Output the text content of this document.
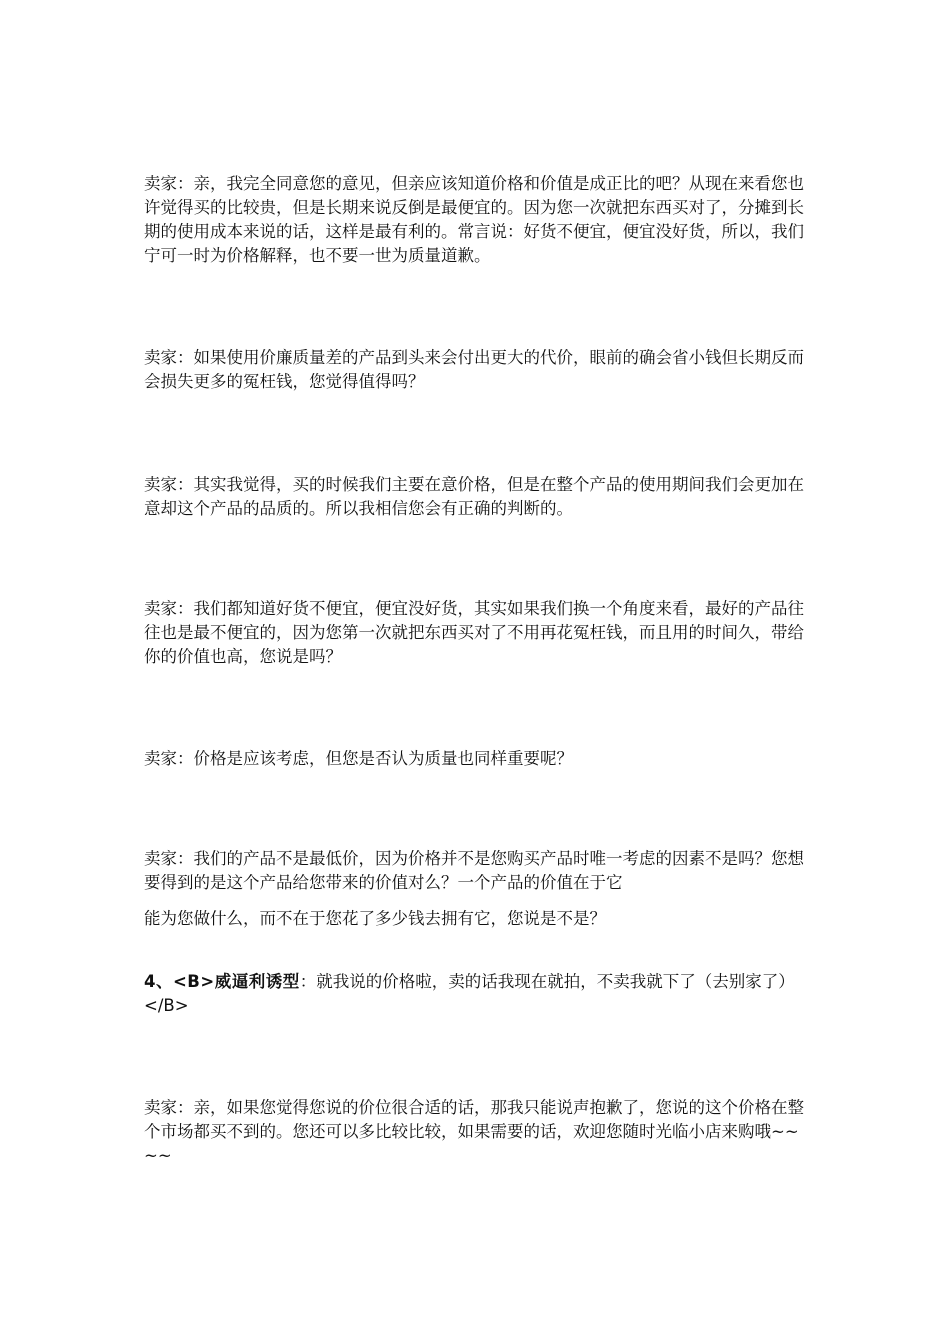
卖家：亲，我完全同意您的意见，但亲应该知道价格和价值是成正比的吧？从现在来看您也许觉得买的比较贵，但是长期来说反倒是最便宜的。因为您一次就把东西买对了，分摊到长期的使用成本来说的话，这样是最有利的。常言说：好货不便宜，便宜没好货，所以，我们宁可一时为价格解释，也不要一世为质量道歉。

卖家：如果使用价廉质量差的产品到头来会付出更大的代价，眼前的确会省小钱但长期反而会损失更多的冤枉钱，您觉得值得吗？

卖家：其实我觉得，买的时候我们主要在意价格，但是在整个产品的使用期间我们会更加在意却这个产品的品质的。所以我相信您会有正确的判断的。

卖家：我们都知道好货不便宜，便宜没好货，其实如果我们换一个角度来看，最好的产品往往也是最不便宜的，因为您第一次就把东西买对了不用再花冤枉钱，而且用的时间久，带给你的价值也高，您说是吗？

卖家：价格是应该考虑，但您是否认为质量也同样重要呢？

卖家：我们的产品不是最低价，因为价格并不是您购买产品时唯一考虑的因素不是吗？您想要得到的是这个产品给您带来的价值对么？一个产品的价值在于它

能为您做什么，而不在于您花了多少钱去拥有它，您说是不是？

4、<B>威逼利诱型：就我说的价格啦，卖的话我现在就拍，不卖我就下了（去别家了）</B>

卖家：亲，如果您觉得您说的价位很合适的话，那我只能说声抱歉了，您说的这个价格在整个市场都买不到的。您还可以多比较比较，如果需要的话，欢迎您随时光临小店来购哦~~~~
